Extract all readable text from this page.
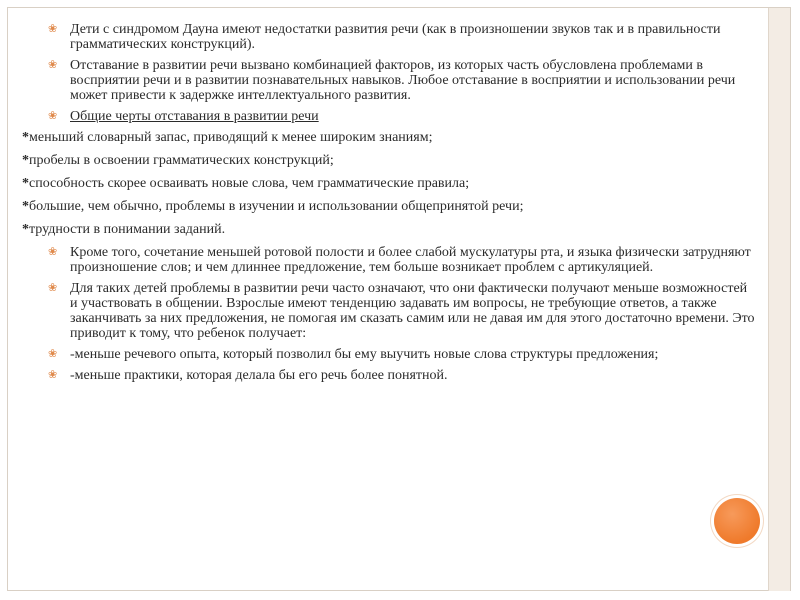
❀ Дети с синдромом Дауна имеют недостатки развития речи (как в произношении звуков так и в правильности грамматических конструкций).

❀ Отставание в развитии речи вызвано комбинацией факторов, из которых часть обусловлена проблемами в восприятии речи и в развитии познавательных навыков. Любое отставание в восприятии и использовании речи может привести к задержке интеллектуального развития.

❀ Общие черты отставания в развитии речи

*меньший словарный запас, приводящий к менее широким знаниям;

*пробелы в освоении грамматических конструкций;

*способность скорее осваивать новые слова, чем грамматические правила;

*большие, чем обычно, проблемы в изучении и использовании общепринятой речи;

*трудности в понимании заданий.

❀ Кроме того, сочетание меньшей ротовой полости и более слабой мускулатуры рта, и языка физически затрудняют произношение слов; и чем длиннее предложение, тем больше возникает проблем с артикуляцией.

❀ Для таких детей проблемы в развитии речи часто означают, что они фактически получают меньше возможностей и участвовать в общении. Взрослые имеют тенденцию задавать им вопросы, не требующие ответов, а также заканчивать за них предложения, не помогая им сказать самим или не давая им для этого достаточно времени. Это приводит к тому, что ребенок получает:

❀ -меньше речевого опыта, который позволил бы ему выучить новые слова структуры предложения;

❀ -меньше практики, которая делала бы его речь более понятной.
